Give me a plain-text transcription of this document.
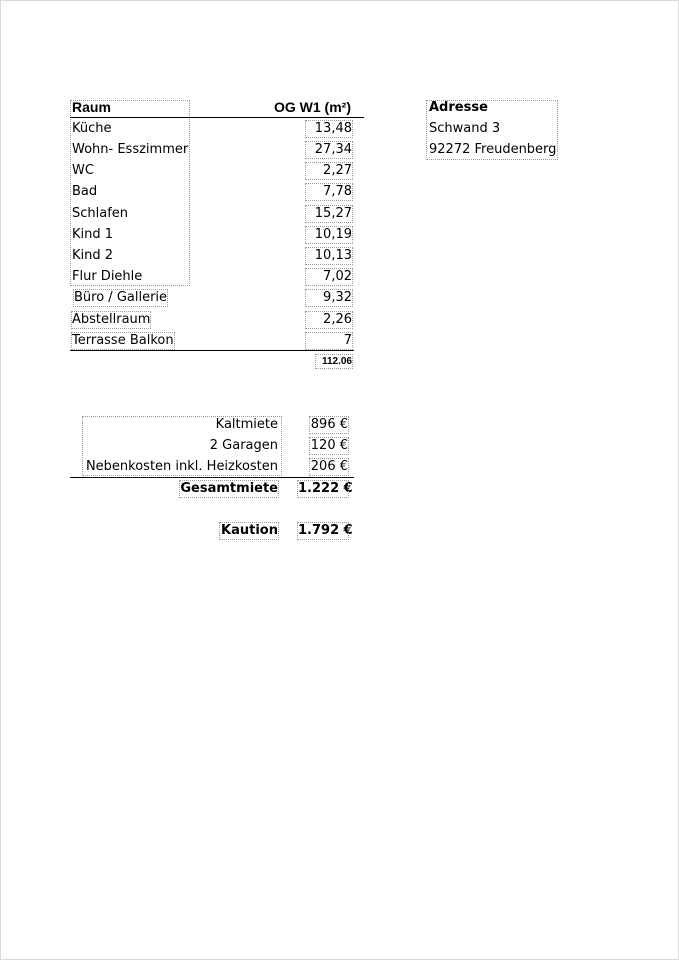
Raum	OG W1 (m²)
Küche
Wohn- Esszimmer
WC
Bad
Schlafen
Kind 1
Kind 2
Flur Diehle
Büro / Gallerie
Abstellraum
Terrasse Balkon
13,48
27,34
2,27
7,78
15,27
10,19
10,13
7,02
9,32
2,26
7
112.06
Adresse
Schwand 3
92272 Freudenberg
Kaltmiete
2 Garagen
Nebenkosten inkl. Heizkosten
896 €
120 €
206 €
Gesamtmiete 1.222 €
Kaution 1.792 €
